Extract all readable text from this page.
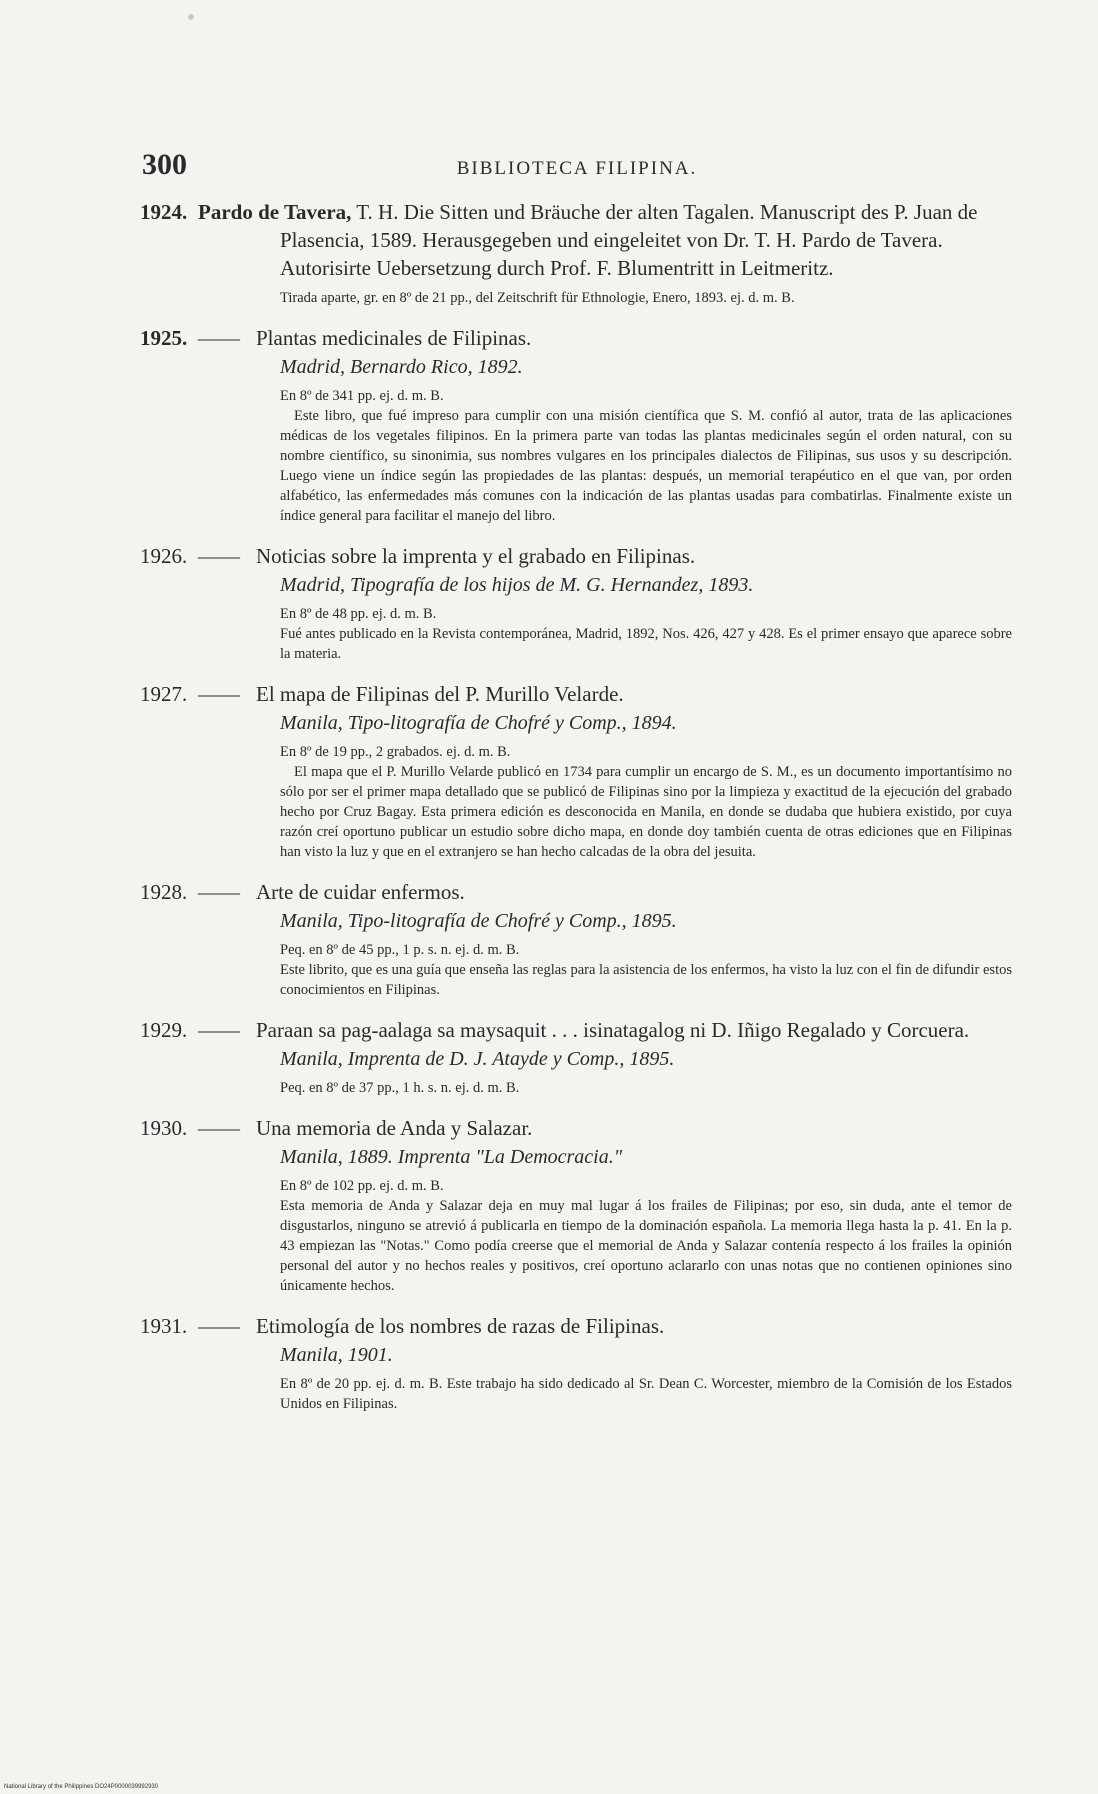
300	BIBLIOTECA FILIPINA.
1924. Pardo de Tavera, T. H. Die Sitten und Bräuche der alten Tagalen. Manuscript des P. Juan de Plasencia, 1589. Herausgegeben und eingeleitet von Dr. T. H. Pardo de Tavera. Autorisirte Uebersetzung durch Prof. F. Blumentritt in Leitmeritz.

Tirada aparte, gr. en 8º de 21 pp., del Zeitschrift für Ethnologie, Enero, 1893. ej. d. m. B.

1925. —— Plantas medicinales de Filipinas.
Madrid, Bernardo Rico, 1892.

En 8º de 341 pp. ej. d. m. B.

Este libro, que fué impreso para cumplir con una misión científica que S. M. confió al autor, trata de las aplicaciones médicas de los vegetales filipinos. En la primera parte van todas las plantas medicinales según el orden natural, con su nombre científico, su sinonimia, sus nombres vulgares en los principales dialectos de Filipinas, sus usos y su descripción. Luego viene un índice según las propiedades de las plantas: después, un memorial terapéutico en el que van, por orden alfabético, las enfermedades más comunes con la indicación de las plantas usadas para combatirlas. Finalmente existe un índice general para facilitar el manejo del libro.

1926. —— Noticias sobre la imprenta y el grabado en Filipinas.
Madrid, Tipografía de los hijos de M. G. Hernandez, 1893.

En 8º de 48 pp. ej. d. m. B.

Fué antes publicado en la Revista contemporánea, Madrid, 1892, Nos. 426, 427 y 428. Es el primer ensayo que aparece sobre la materia.

1927. —— El mapa de Filipinas del P. Murillo Velarde.
Manila, Tipo-litografía de Chofré y Comp., 1894.

En 8º de 19 pp., 2 grabados. ej. d. m. B.

El mapa que el P. Murillo Velarde publicó en 1734 para cumplir un encargo de S. M., es un documento importantísimo no sólo por ser el primer mapa detallado que se publicó de Filipinas sino por la limpieza y exactitud de la ejecución del grabado hecho por Cruz Bagay. Esta primera edición es desconocida en Manila, en donde se dudaba que hubiera existido, por cuya razón creí oportuno publicar un estudio sobre dicho mapa, en donde doy también cuenta de otras ediciones que en Filipinas han visto la luz y que en el extranjero se han hecho calcadas de la obra del jesuita.

1928. —— Arte de cuidar enfermos.
Manila, Tipo-litografía de Chofré y Comp., 1895.

Peq. en 8º de 45 pp., 1 p. s. n. ej. d. m. B.

Este librito, que es una guía que enseña las reglas para la asistencia de los enfermos, ha visto la luz con el fin de difundir estos conocimientos en Filipinas.

1929. —— Paraan sa pag-aalaga sa maysaquit . . . isinatagalog ni D. Iñigo Regalado y Corcuera.
Manila, Imprenta de D. J. Atayde y Comp., 1895.

Peq. en 8º de 37 pp., 1 h. s. n. ej. d. m. B.

1930. —— Una memoria de Anda y Salazar.
Manila, 1889. Imprenta "La Democracia."

En 8º de 102 pp. ej. d. m. B.

Esta memoria de Anda y Salazar deja en muy mal lugar á los frailes de Filipinas; por eso, sin duda, ante el temor de disgustarlos, ninguno se atrevió á publicarla en tiempo de la dominación española. La memoria llega hasta la p. 41. En la p. 43 empiezan las "Notas." Como podía creerse que el memorial de Anda y Salazar contenía respecto á los frailes la opinión personal del autor y no hechos reales y positivos, creí oportuno aclararlo con unas notas que no contienen opiniones sino únicamente hechos.

1931. —— Etimología de los nombres de razas de Filipinas.
Manila, 1901.

En 8º de 20 pp. ej. d. m. B. Este trabajo ha sido dedicado al Sr. Dean C. Worcester, miembro de la Comisión de los Estados Unidos en Filipinas.

National Library of the Philippines DO24P0000039992930
